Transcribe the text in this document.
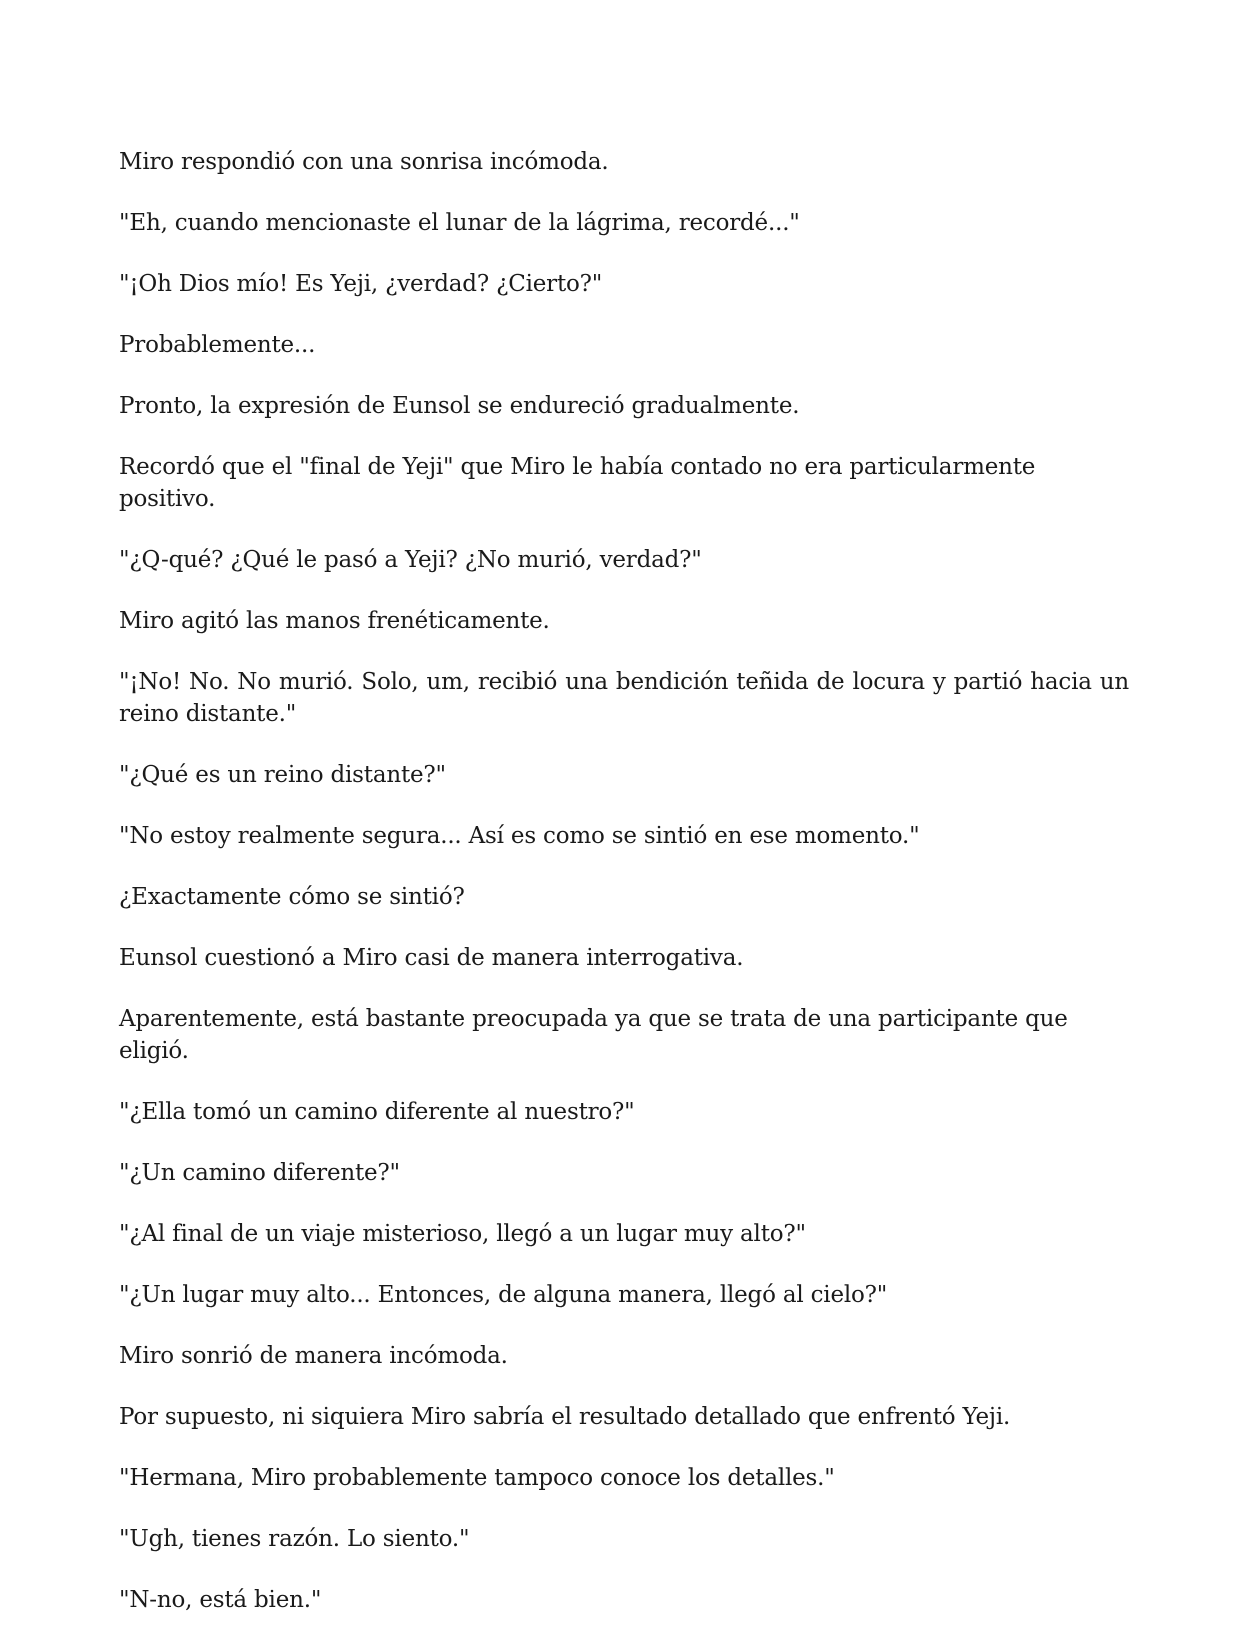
Miro respondió con una sonrisa incómoda.

"Eh, cuando mencionaste el lunar de la lágrima, recordé..."

"¡Oh Dios mío! Es Yeji, ¿verdad? ¿Cierto?"

Probablemente...

Pronto, la expresión de Eunsol se endureció gradualmente.

Recordó que el "final de Yeji" que Miro le había contado no era particularmente positivo.

"¿Q-qué? ¿Qué le pasó a Yeji? ¿No murió, verdad?"

Miro agitó las manos frenéticamente.

"¡No! No. No murió. Solo, um, recibió una bendición teñida de locura y partió hacia un reino distante."

"¿Qué es un reino distante?"

"No estoy realmente segura... Así es como se sintió en ese momento."

¿Exactamente cómo se sintió?

Eunsol cuestionó a Miro casi de manera interrogativa.

Aparentemente, está bastante preocupada ya que se trata de una participante que eligió.

"¿Ella tomó un camino diferente al nuestro?"

"¿Un camino diferente?"

"¿Al final de un viaje misterioso, llegó a un lugar muy alto?"

"¿Un lugar muy alto... Entonces, de alguna manera, llegó al cielo?"

Miro sonrió de manera incómoda.

Por supuesto, ni siquiera Miro sabría el resultado detallado que enfrentó Yeji.

"Hermana, Miro probablemente tampoco conoce los detalles."

"Ugh, tienes razón. Lo siento."

"N-no, está bien."
